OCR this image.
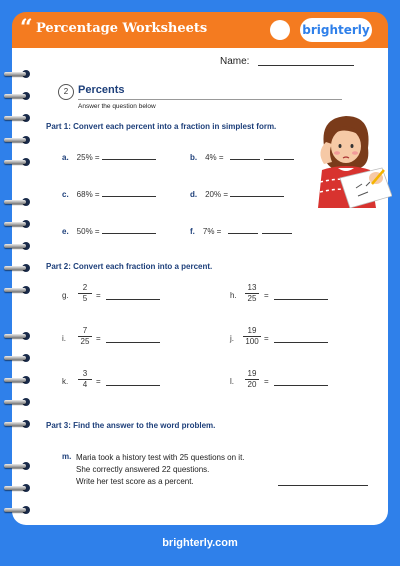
“ Percentage Worksheets	brighterly
Name:
2 Percents
Answer the question below
Part 1: Convert each percent into a fraction in simplest form.
a. 25% =	b. 4% =
c. 68% =	d. 20% =
e. 50% =	f. 7% =
Part 2: Convert each fraction into a percent.
g. $\frac{2}{5}$ =	h. $\frac{13}{25}$ =
i. $\frac{7}{25}$ =	j. $\frac{19}{100}$ =
k. $\frac{3}{4}$ =	l. $\frac{19}{20}$ =
Part 3: Find the answer to the word problem.
m. Maria took a history test with 25 questions on it.
She correctly answered 22 questions.
Write her test score as a percent.
brighterly.com
